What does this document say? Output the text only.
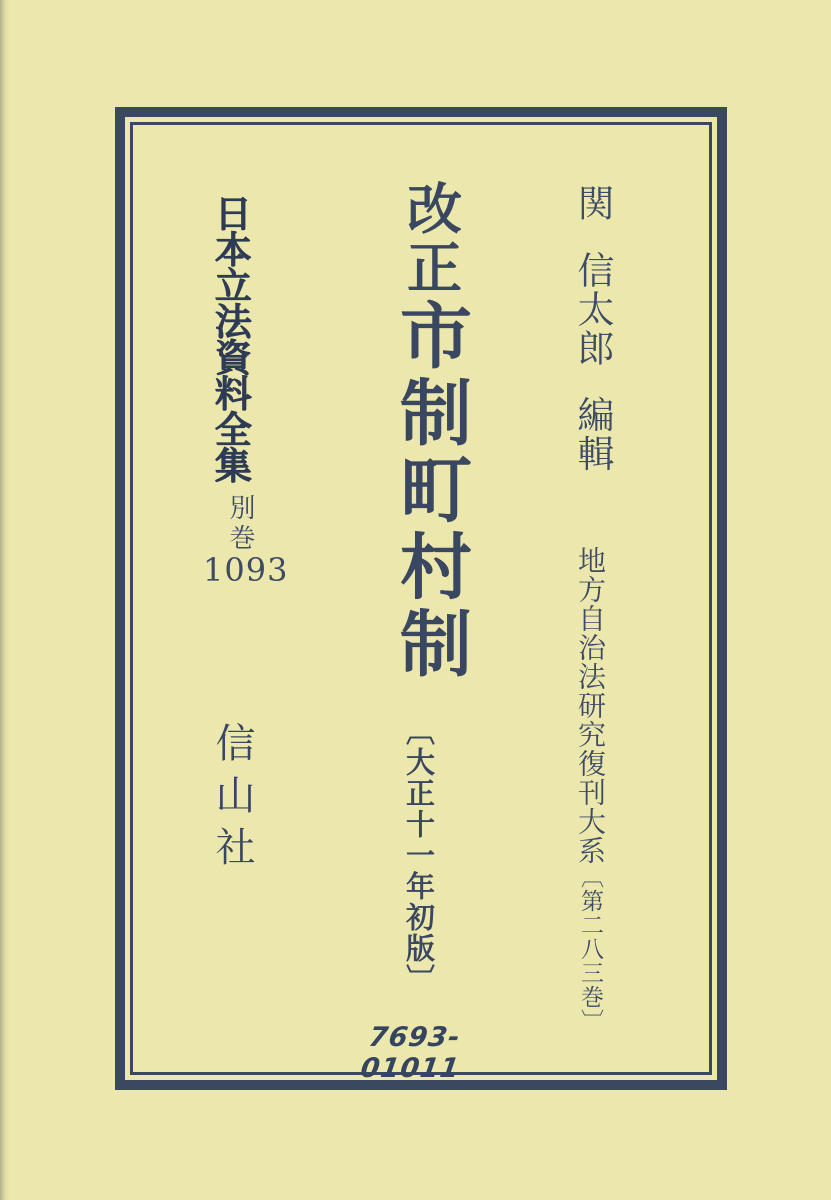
日本立法資料全集
別巻
1093
改正市制町村制
〔大正十一年初版〕
関 信太郎 編輯
地方自治法研究復刊大系〔第二八三巻〕
信山社
7693-01011
